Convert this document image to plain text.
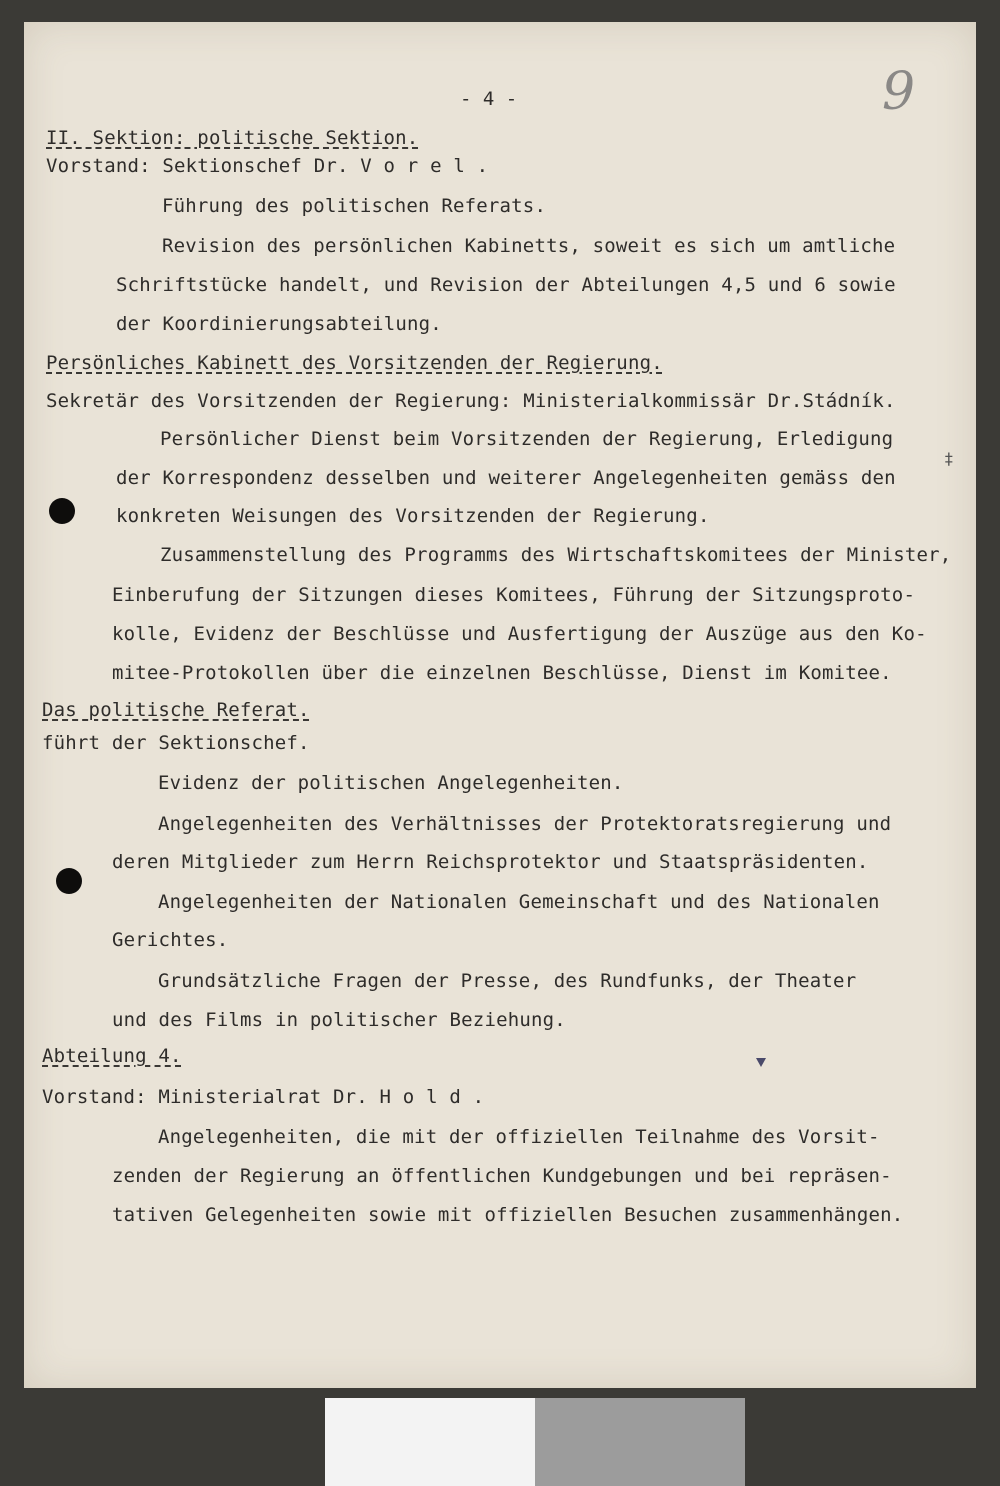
- 4 -	9
II. Sektion: politische Sektion.
Vorstand: Sektionschef Dr. V o r e l .
Führung des politischen Referats.
Revision des persönlichen Kabinetts, soweit es sich um amtliche
Schriftstücke handelt, und Revision der Abteilungen 4,5 und 6 sowie
der Koordinierungsabteilung.
Persönliches Kabinett des Vorsitzenden der Regierung.
Sekretär des Vorsitzenden der Regierung: Ministerialkommissär Dr.Stádník.
Persönlicher Dienst beim Vorsitzenden der Regierung, Erledigung
der Korrespondenz desselben und weiterer Angelegenheiten gemäss den
konkreten Weisungen des Vorsitzenden der Regierung.
Zusammenstellung des Programms des Wirtschaftskomitees der Minister,
Einberufung der Sitzungen dieses Komitees, Führung der Sitzungsproto-
kolle, Evidenz der Beschlüsse und Ausfertigung der Auszüge aus den Ko-
mitee-Protokollen über die einzelnen Beschlüsse, Dienst im Komitee.
Das politische Referat.
führt der Sektionschef.
Evidenz der politischen Angelegenheiten.
Angelegenheiten des Verhältnisses der Protektoratsregierung und
deren Mitglieder zum Herrn Reichsprotektor und Staatspräsidenten.
Angelegenheiten der Nationalen Gemeinschaft und des Nationalen
Gerichtes.
Grundsätzliche Fragen der Presse, des Rundfunks, der Theater
und des Films in politischer Beziehung.
Abteilung 4.
Vorstand: Ministerialrat Dr. H o l d .
Angelegenheiten, die mit der offiziellen Teilnahme des Vorsit-
zenden der Regierung an öffentlichen Kundgebungen und bei repräsen-
tativen Gelegenheiten sowie mit offiziellen Besuchen zusammenhängen.
‡
